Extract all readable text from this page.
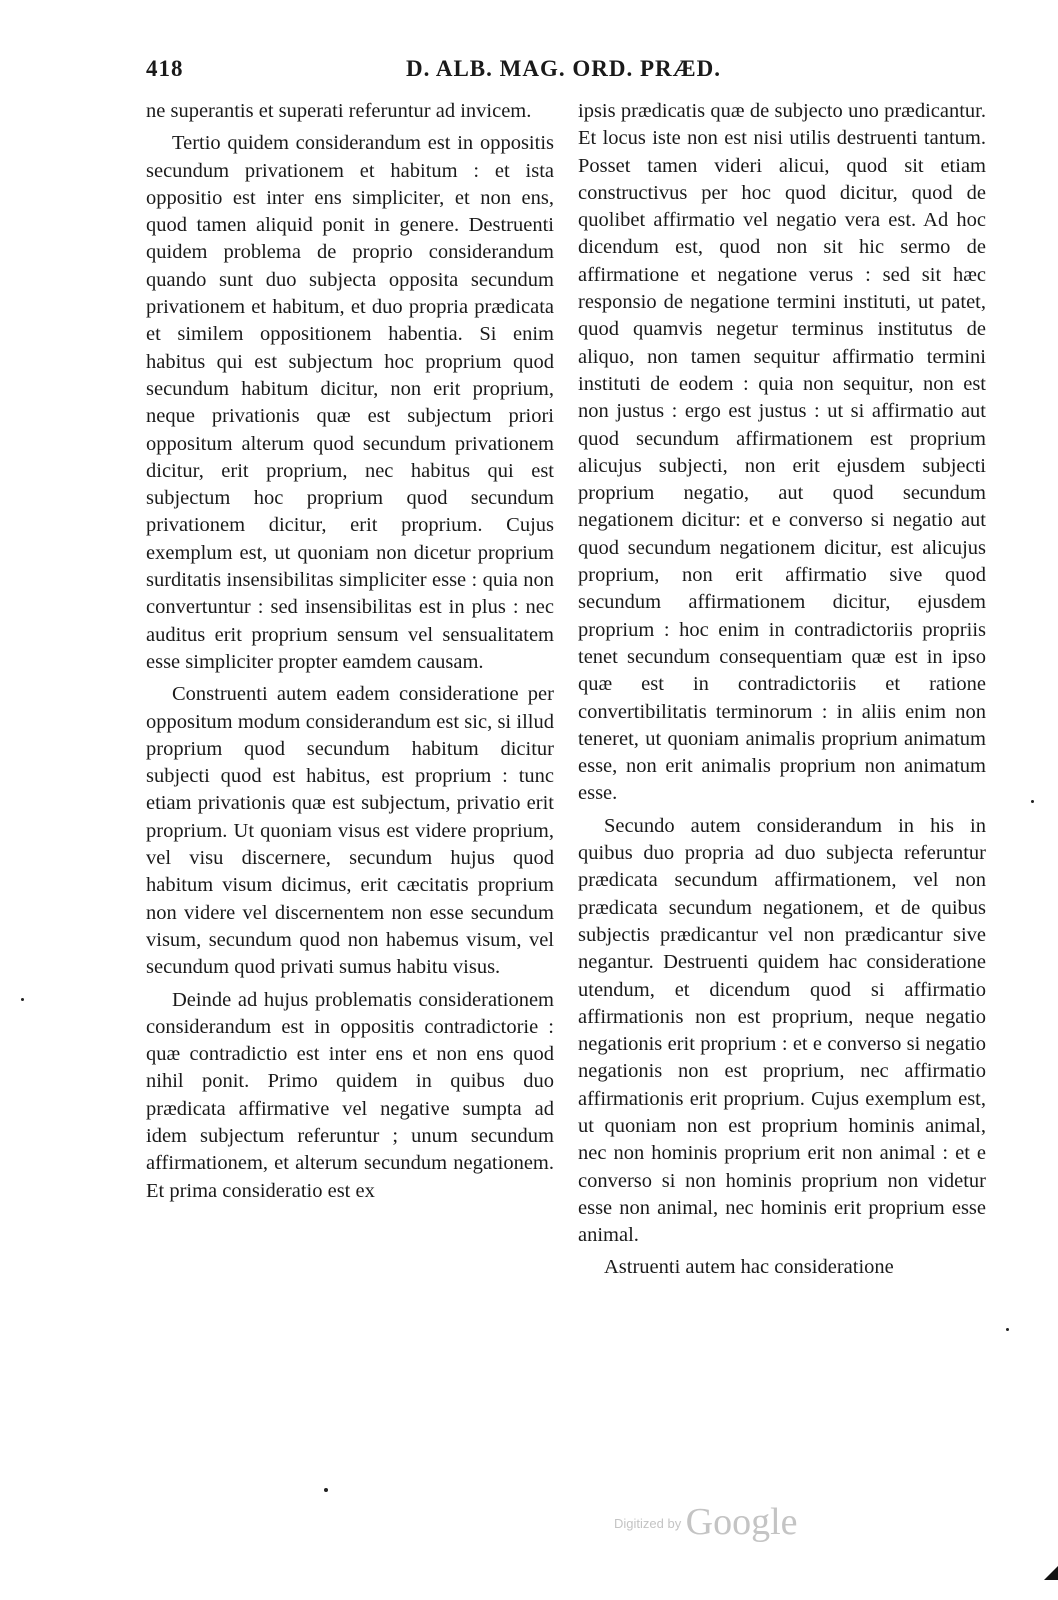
418	D. ALB. MAG. ORD. PRÆD.

ne superantis et superati referuntur ad invicem.

Tertio quidem considerandum est in oppositis secundum privationem et habitum : et ista oppositio est inter ens simpliciter, et non ens, quod tamen aliquid ponit in genere. Destruenti quidem problema de proprio considerandum quando sunt duo subjecta opposita secundum privationem et habitum, et duo propria prædicata et similem oppositionem habentia. Si enim habitus qui est subjectum hoc proprium quod secundum habitum dicitur, non erit proprium, neque privationis quæ est subjectum priori oppositum alterum quod secundum privationem dicitur, erit proprium, nec habitus qui est subjectum hoc proprium quod secundum privationem dicitur, erit proprium. Cujus exemplum est, ut quoniam non dicetur proprium surditatis insensibilitas simpliciter esse : quia non convertuntur : sed insensibilitas est in plus : nec auditus erit proprium sensum vel sensualitatem esse simpliciter propter eamdem causam.

Construenti autem eadem consideratione per oppositum modum considerandum est sic, si illud proprium quod secundum habitum dicitur subjecti quod est habitus, est proprium : tunc etiam privationis quæ est subjectum, privatio erit proprium. Ut quoniam visus est videre proprium, vel visu discernere, secundum hujus quod habitum visum dicimus, erit cæcitatis proprium non videre vel discernentem non esse secundum visum, secundum quod non habemus visum, vel secundum quod privati sumus habitu visus.

Deinde ad hujus problematis considerationem considerandum est in oppositis contradictorie : quæ contradictio est inter ens et non ens quod nihil ponit. Primo quidem in quibus duo prædicata affirmative vel negative sumpta ad idem subjectum referuntur ; unum secundum affirmationem, et alterum secundum negationem. Et prima consideratio est ex

ipsis prædicatis quæ de subjecto uno prædicantur. Et locus iste non est nisi utilis destruenti tantum. Posset tamen videri alicui, quod sit etiam constructivus per hoc quod dicitur, quod de quolibet affirmatio vel negatio vera est. Ad hoc dicendum est, quod non sit hic sermo de affirmatione et negatione verus : sed sit hæc responsio de negatione termini instituti, ut patet, quod quamvis negetur terminus institutus de aliquo, non tamen sequitur affirmatio termini instituti de eodem : quia non sequitur, non est non justus : ergo est justus : ut si affirmatio aut quod secundum affirmationem est proprium alicujus subjecti, non erit ejusdem subjecti proprium negatio, aut quod secundum negationem dicitur: et e converso si negatio aut quod secundum negationem dicitur, est alicujus proprium, non erit affirmatio sive quod secundum affirmationem dicitur, ejusdem proprium : hoc enim in contradictoriis propriis tenet secundum consequentiam quæ est in ipso quæ est in contradictoriis et ratione convertibilitatis terminorum : in aliis enim non teneret, ut quoniam animalis proprium animatum esse, non erit animalis proprium non animatum esse.

Secundo autem considerandum in his in quibus duo propria ad duo subjecta referuntur prædicata secundum affirmationem, vel non prædicata secundum negationem, et de quibus subjectis prædicantur vel non prædicantur sive negantur. Destruenti quidem hac consideratione utendum, et dicendum quod si affirmatio affirmationis non est proprium, neque negatio negationis erit proprium : et e converso si negatio negationis non est proprium, nec affirmatio affirmationis erit proprium. Cujus exemplum est, ut quoniam non est proprium hominis animal, nec non hominis proprium erit non animal : et e converso si non hominis proprium non videtur esse non animal, nec hominis erit proprium esse animal.

Astruenti autem hac consideratione

$^{Digitized by}$ Google
